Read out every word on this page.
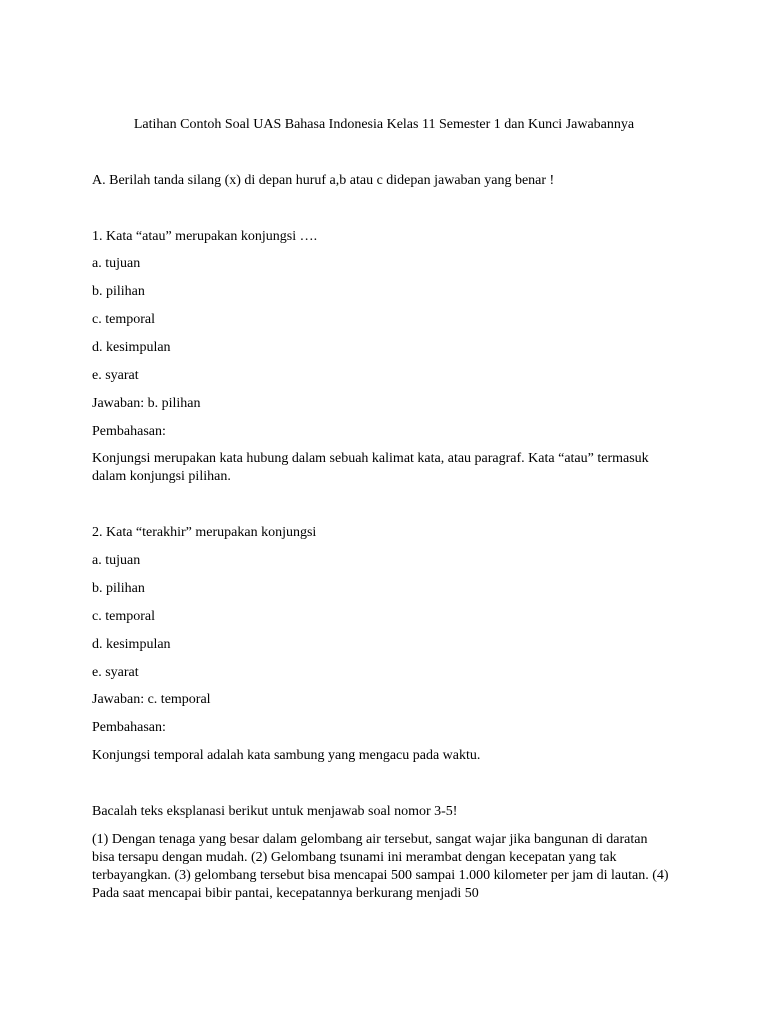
Latihan Contoh Soal UAS Bahasa Indonesia Kelas 11 Semester 1 dan Kunci Jawabannya
A. Berilah tanda silang (x) di depan huruf a,b atau c didepan jawaban yang benar !
1. Kata “atau” merupakan konjungsi ….
a. tujuan
b. pilihan
c. temporal
d. kesimpulan
e. syarat
Jawaban: b. pilihan
Pembahasan:
Konjungsi merupakan kata hubung dalam sebuah kalimat kata, atau paragraf. Kata “atau” termasuk dalam konjungsi pilihan.
2. Kata “terakhir” merupakan konjungsi
a. tujuan
b. pilihan
c. temporal
d. kesimpulan
e. syarat
Jawaban: c. temporal
Pembahasan:
Konjungsi temporal adalah kata sambung yang mengacu pada waktu.
Bacalah teks eksplanasi berikut untuk menjawab soal nomor 3-5!
(1) Dengan tenaga yang besar dalam gelombang air tersebut, sangat wajar jika bangunan di daratan bisa tersapu dengan mudah. (2) Gelombang tsunami ini merambat dengan kecepatan yang tak terbayangkan. (3) gelombang tersebut bisa mencapai 500 sampai 1.000 kilometer per jam di lautan. (4) Pada saat mencapai bibir pantai, kecepatannya berkurang menjadi 50
